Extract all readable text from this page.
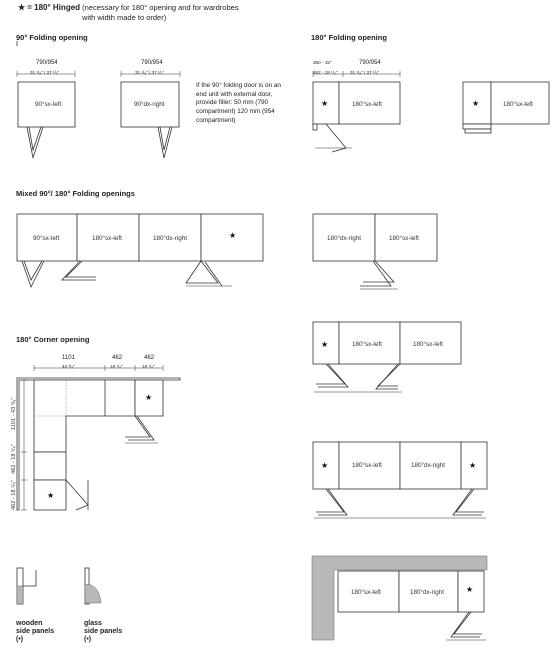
★ = 180° Hinged (necessary for 180° opening and for wardrobes
with width made to order)
90° Folding opening	180° Folding opening
Mixed 90°/ 180° Folding openings
180° Corner opening
790/954
31 ¹/₈" / 37 ¹/₂"
790/954
31 ¹/₈" / 37 ¹/₂"
380 - 15"
462 - 18 ¹/₄"
790/954
31 ¹/₈" / 37 ¹/₂"
If the 90° folding door is on an end unit with external door, provide filler: 50 mm (790 compartment) 120 mm (954 compartment)
1101
43 ³/₈"
462
18 ¹/₄"
462
18 ¹/₄"
wooden
side panels
(•)
glass
side panels
(•)
90°sx-left	90°dx-right	★	180°sx-left	★	180°sx-left
90°sx-left	180°sx-left	180°dx-right	★	180°dx-right	180°sx-left
★
★
1101 - 43 ³/₈"
462 - 18 ¹/₄"
462 - 18 ¹/₄"
★	180°sx-left	180°sx-left
★	180°sx-left	180°dx-right	★
180°sx-left	180°dx-right	★
